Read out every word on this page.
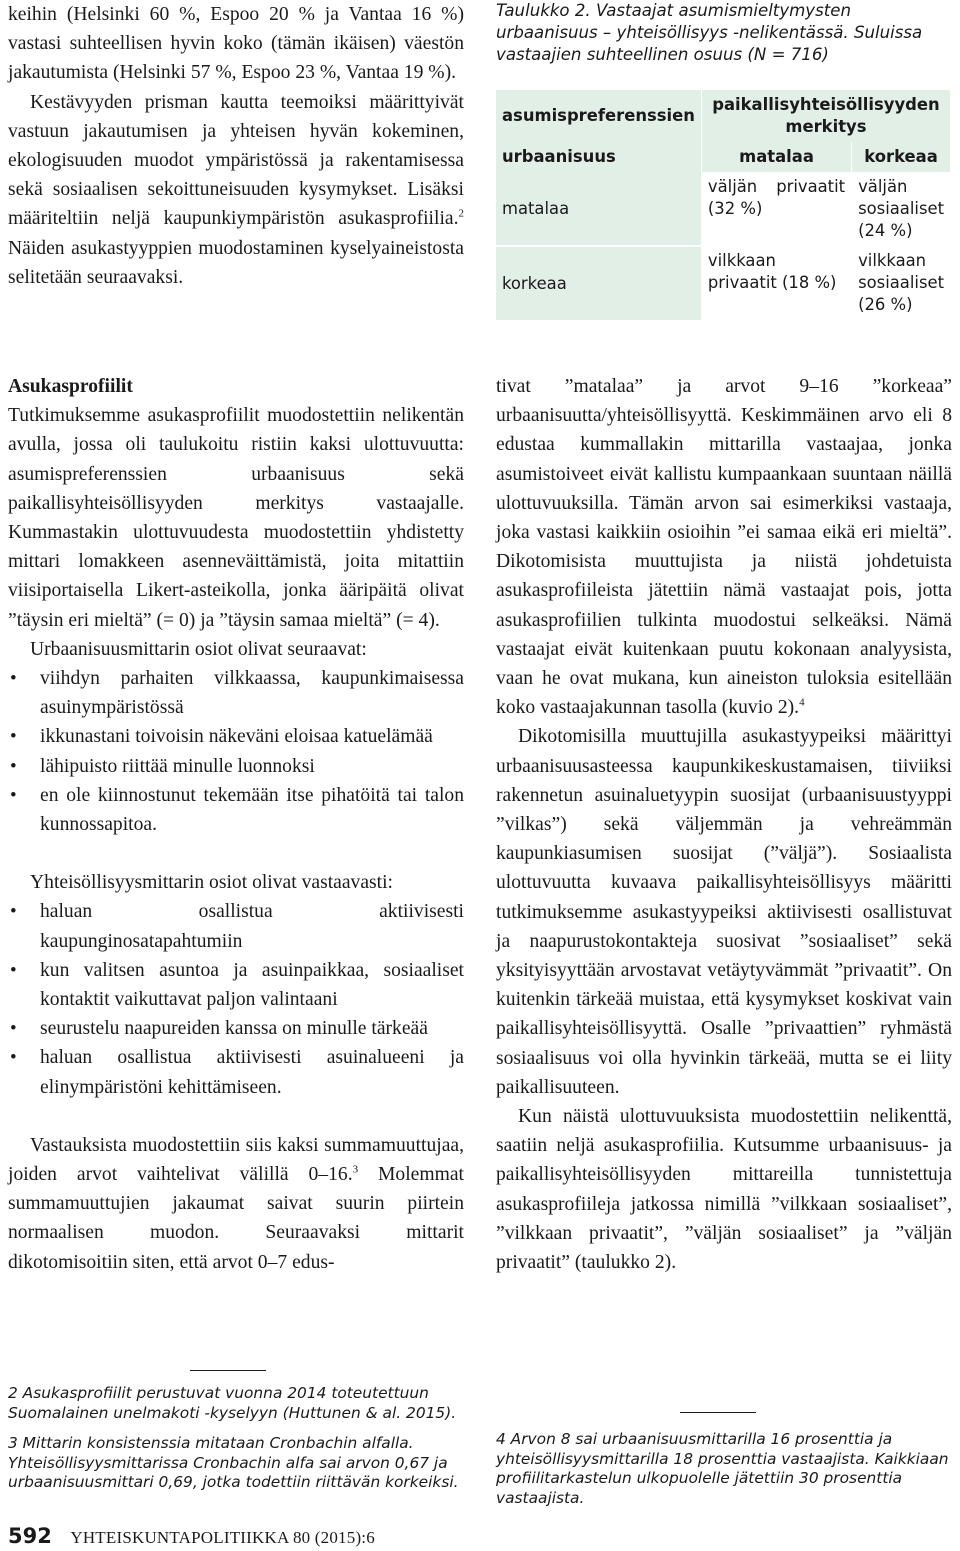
keihin (Helsinki 60 %, Espoo 20 % ja Vantaa 16 %) vastasi suhteellisen hyvin koko (tämän ikäisen) väestön jakautumista (Helsinki 57 %, Espoo 23 %, Vantaa 19 %).

Kestävyyden prisman kautta teemoiksi määrittyivät vastuun jakautumisen ja yhteisen hyvän kokeminen, ekologisuuden muodot ympäristössä ja rakentamisessa sekä sosiaalisen sekoittuneisuuden kysymykset. Lisäksi määriteltiin neljä kaupunkiympäristön asukasprofiilia.$^2$ Näiden asukastyyppien muodostaminen kyselyaineistosta selitetään seuraavaksi.

Asukasprofiilit

Tutkimuksemme asukasprofiilit muodostettiin nelikentän avulla, jossa oli taulukoitu ristiin kaksi ulottuvuutta: asumispreferenssien urbaanisuus sekä paikallisyhteisöllisyyden merkitys vastaajalle. Kummastakin ulottuvuudesta muodostettiin yhdistetty mittari lomakkeen asenneväittämistä, joita mitattiin viisiportaisella Likert-asteikolla, jonka ääripäitä olivat ”täysin eri mieltä” (= 0) ja ”täysin samaa mieltä” (= 4).

Urbaanisuusmittarin osiot olivat seuraavat:

• viihdyn parhaiten vilkkaassa, kaupunkimaisessa asuinympäristössä
• ikkunastani toivoisin näkeväni eloisaa katuelämää
• lähipuisto riittää minulle luonnoksi
• en ole kiinnostunut tekemään itse pihatöitä tai talon kunnossapitoa.

Yhteisöllisyysmittarin osiot olivat vastaavasti:

• haluan osallistua aktiivisesti kaupunginosatapahtumiin
• kun valitsen asuntoa ja asuinpaikkaa, sosiaaliset kontaktit vaikuttavat paljon valintaani
• seurustelu naapureiden kanssa on minulle tärkeää
• haluan osallistua aktiivisesti asuinalueeni ja elinympäristöni kehittämiseen.

Vastauksista muodostettiin siis kaksi summamuuttujaa, joiden arvot vaihtelivat välillä 0–16.$^3$ Molemmat summamuuttujien jakaumat saivat suurin piirtein normaalisen muodon. Seuraavaksi mittarit dikotomisoitiin siten, että arvot 0–7 edus-

Taulukko 2. Vastaajat asumismieltymysten urbaanisuus – yhteisöllisyys -nelikentässä. Suluissa vastaajien suhteellinen osuus (N = 716)

asumispreferenssien	paikallisyhteisöllisyyden merkitys	
urbaanisuus	matalaa	korkeaa
matalaa	väljän privaatit (32 %)	väljän sosiaaliset (24 %)
korkeaa	vilkkaan privaatit (18 %)	vilkkaan sosiaaliset (26 %)

tivat ”matalaa” ja arvot 9–16 ”korkeaa” urbaanisuutta/yhteisöllisyyttä. Keskimmäinen arvo eli 8 edustaa kummallakin mittarilla vastaajaa, jonka asumistoiveet eivät kallistu kumpaankaan suuntaan näillä ulottuvuuksilla. Tämän arvon sai esimerkiksi vastaaja, joka vastasi kaikkiin osioihin ”ei samaa eikä eri mieltä”. Dikotomisista muuttujista ja niistä johdetuista asukasprofiileista jätettiin nämä vastaajat pois, jotta asukasprofiilien tulkinta muodostui selkeäksi. Nämä vastaajat eivät kuitenkaan puutu kokonaan analyysista, vaan he ovat mukana, kun aineiston tuloksia esitellään koko vastaajakunnan tasolla (kuvio 2).$^4$

Dikotomisilla muuttujilla asukastyypeiksi määrittyi urbaanisuusasteessa kaupunkikeskustamaisen, tiiviiksi rakennetun asuinaluetyypin suosijat (urbaanisuustyyppi ”vilkas”) sekä väljemmän ja vehreämmän kaupunkiasumisen suosijat (”väljä”). Sosiaalista ulottuvuutta kuvaava paikallisyhteisöllisyys määritti tutkimuksemme asukastyypeiksi aktiivisesti osallistuvat ja naapurustokontakteja suosivat ”sosiaaliset” sekä yksityisyyttään arvostavat vetäytyvämmät ”privaatit”. On kuitenkin tärkeää muistaa, että kysymykset koskivat vain paikallisyhteisöllisyyttä. Osalle ”privaattien” ryhmästä sosiaalisuus voi olla hyvinkin tärkeää, mutta se ei liity paikallisuuteen.

Kun näistä ulottuvuuksista muodostettiin nelikenttä, saatiin neljä asukasprofiilia. Kutsumme urbaanisuus- ja paikallisyhteisöllisyyden mittareilla tunnistettuja asukasprofiileja jatkossa nimillä ”vilkkaan sosiaaliset”, ”vilkkaan privaatit”, ”väljän sosiaaliset” ja ”väljän privaatit” (taulukko 2).

2 Asukasprofiilit perustuvat vuonna 2014 toteutettuun Suomalainen unelmakoti -kyselyyn (Huttunen & al. 2015).

3 Mittarin konsistenssia mitataan Cronbachin alfalla. Yhteisöllisyysmittarissa Cronbachin alfa sai arvon 0,67 ja urbaanisuusmittari 0,69, jotka todettiin riittävän korkeiksi.

4 Arvon 8 sai urbaanisuusmittarilla 16 prosenttia ja yhteisöllisyysmittarilla 18 prosenttia vastaajista. Kaikkiaan profiilitarkastelun ulkopuolelle jätettiin 30 prosenttia vastaajista.

592 YHTEISKUNTAPOLITIIKKA 80 (2015):6
